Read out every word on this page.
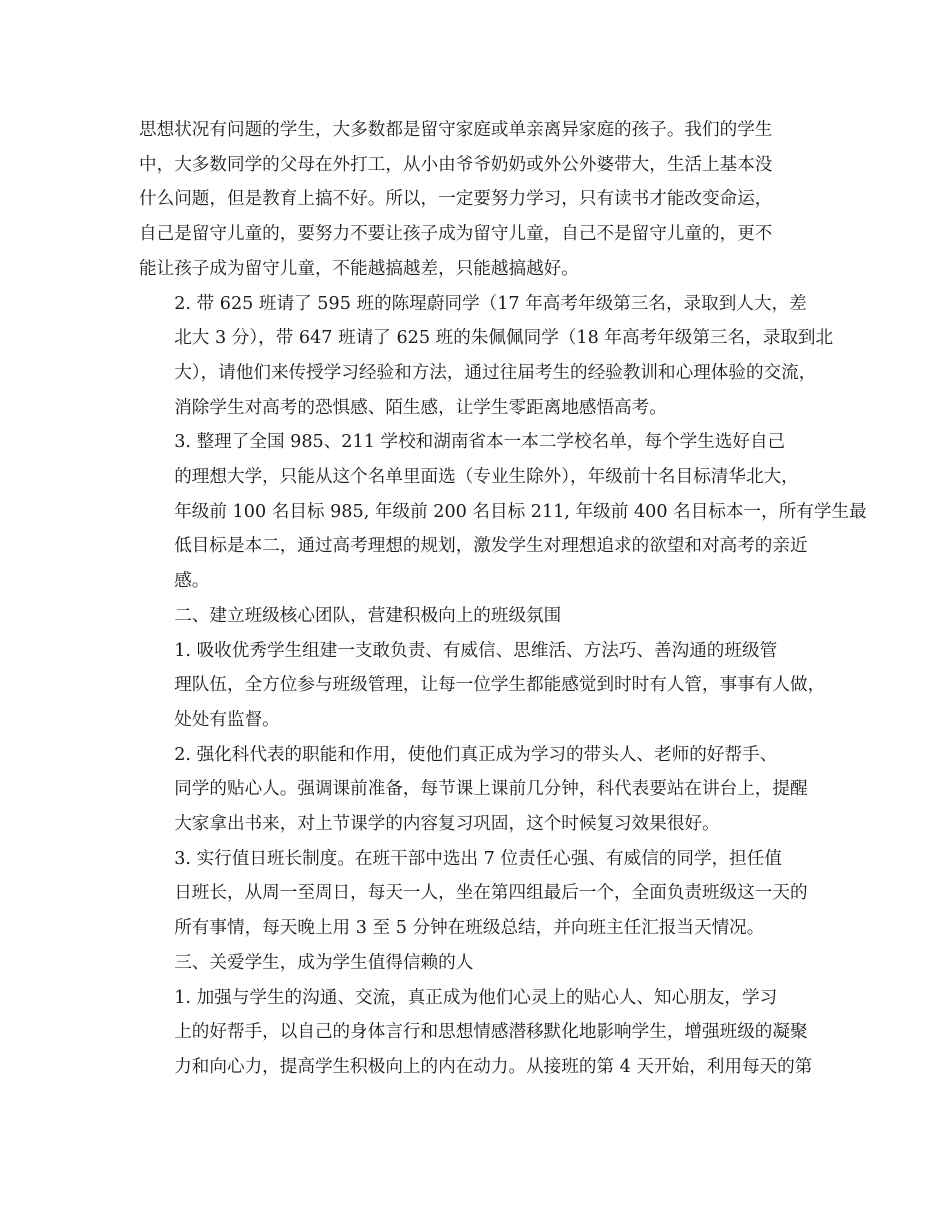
思想状况有问题的学生，大多数都是留守家庭或单亲离异家庭的孩子。我们的学生
中，大多数同学的父母在外打工，从小由爷爷奶奶或外公外婆带大，生活上基本没
什么问题，但是教育上搞不好。所以，一定要努力学习，只有读书才能改变命运，
自己是留守儿童的，要努力不要让孩子成为留守儿童，自己不是留守儿童的，更不
能让孩子成为留守儿童，不能越搞越差，只能越搞越好。

2. 带 625 班请了 595 班的陈瑆蔚同学（17 年高考年级第三名，录取到人大，差
北大 3 分），带 647 班请了 625 班的朱佩佩同学（18 年高考年级第三名，录取到北
大），请他们来传授学习经验和方法，通过往届考生的经验教训和心理体验的交流，
消除学生对高考的恐惧感、陌生感，让学生零距离地感悟高考。

3. 整理了全国 985、211 学校和湖南省本一本二学校名单，每个学生选好自己
的理想大学，只能从这个名单里面选（专业生除外），年级前十名目标清华北大，
年级前 100 名目标 985, 年级前 200 名目标 211, 年级前 400 名目标本一，所有学生最
低目标是本二，通过高考理想的规划，激发学生对理想追求的欲望和对高考的亲近
感。

二、建立班级核心团队，营建积极向上的班级氛围

1. 吸收优秀学生组建一支敢负责、有威信、思维活、方法巧、善沟通的班级管
理队伍，全方位参与班级管理，让每一位学生都能感觉到时时有人管，事事有人做，
处处有监督。

2. 强化科代表的职能和作用，使他们真正成为学习的带头人、老师的好帮手、
同学的贴心人。强调课前准备，每节课上课前几分钟，科代表要站在讲台上，提醒
大家拿出书来，对上节课学的内容复习巩固，这个时候复习效果很好。

3. 实行值日班长制度。在班干部中选出 7 位责任心强、有威信的同学，担任值
日班长，从周一至周日，每天一人，坐在第四组最后一个，全面负责班级这一天的
所有事情，每天晚上用 3 至 5 分钟在班级总结，并向班主任汇报当天情况。

三、关爱学生，成为学生值得信赖的人

1. 加强与学生的沟通、交流，真正成为他们心灵上的贴心人、知心朋友，学习
上的好帮手，以自己的身体言行和思想情感潜移默化地影响学生，增强班级的凝聚
力和向心力，提高学生积极向上的内在动力。从接班的第 4 天开始，利用每天的第
